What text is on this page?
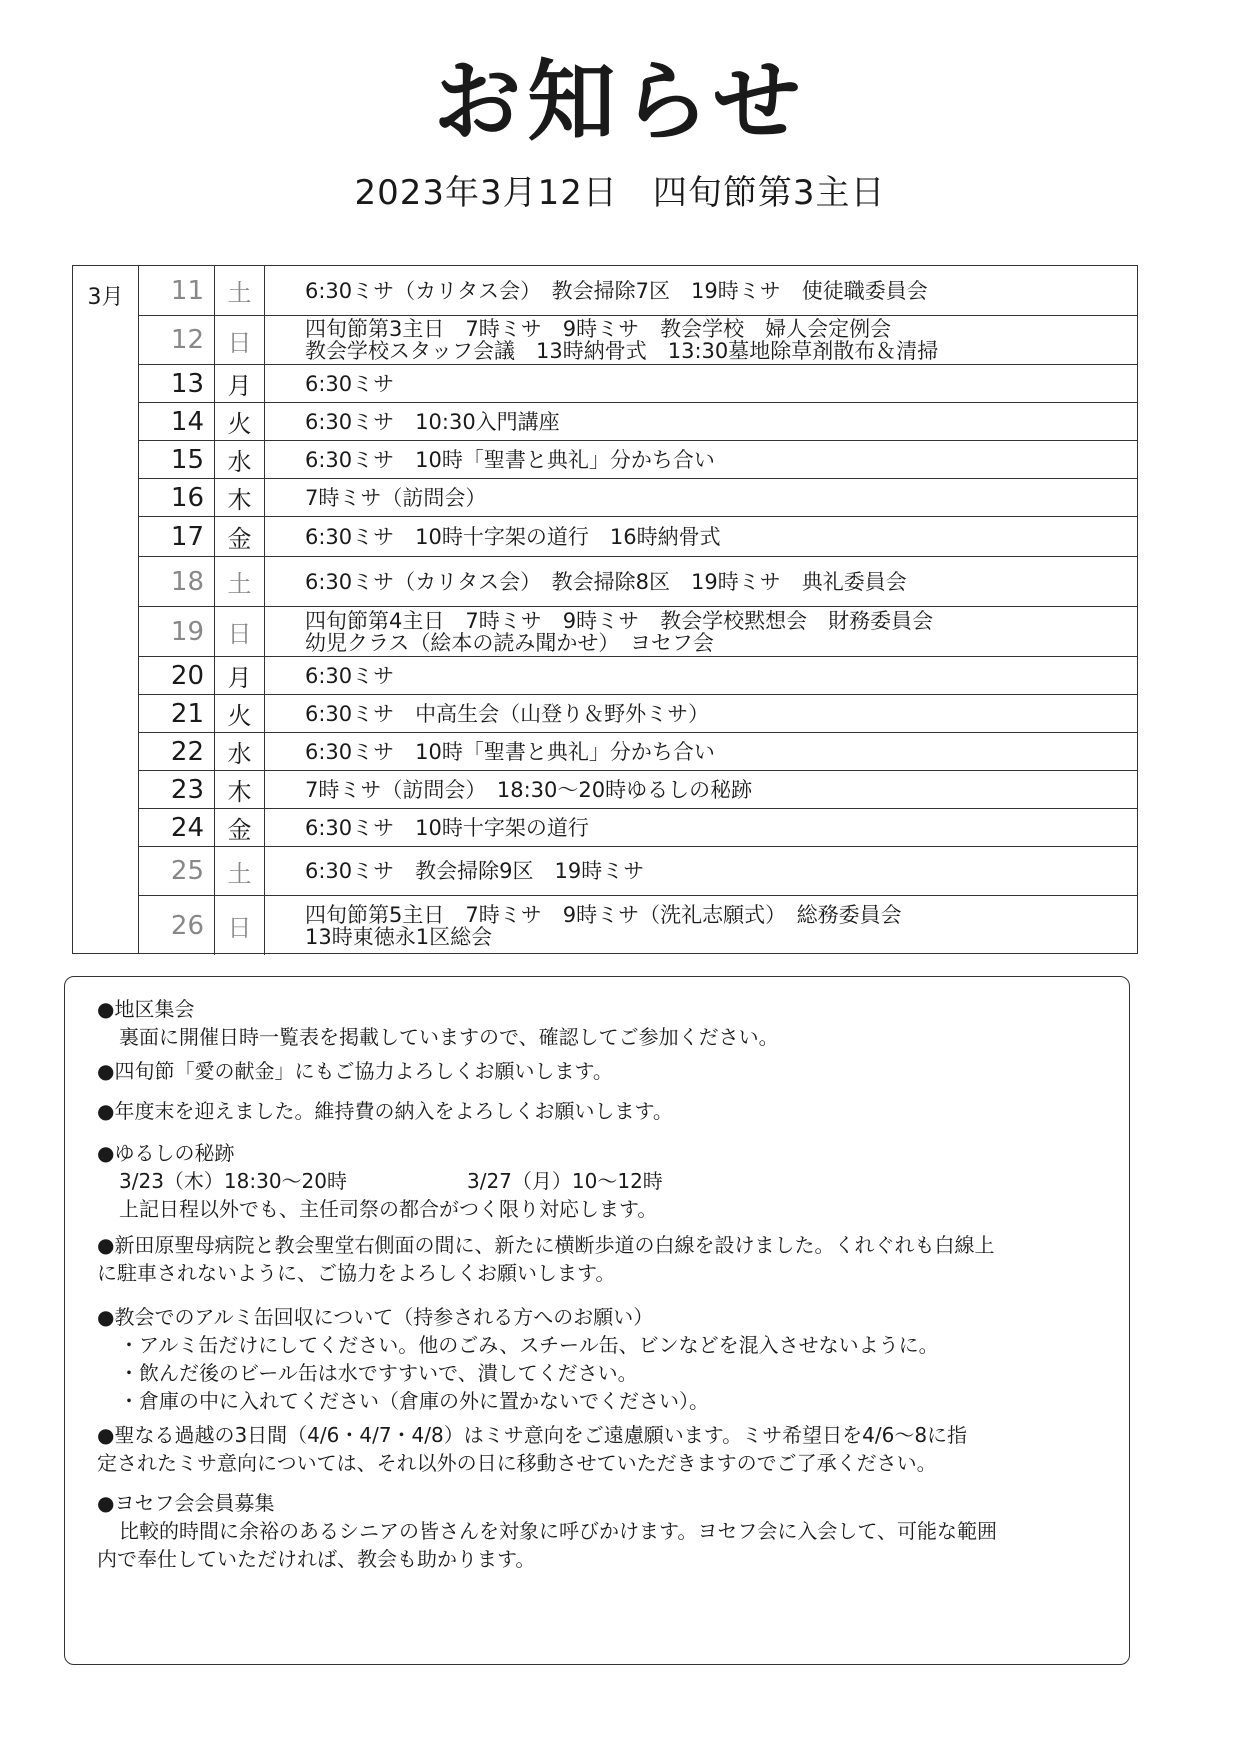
お知らせ
2023年3月12日　四旬節第3主日
3月	11 土	6:30ミサ（カリタス会）　教会掃除7区　19時ミサ　使徒職委員会
12 日	四旬節第3主日　7時ミサ　9時ミサ　教会学校　婦人会定例会
教会学校スタッフ会議　13時納骨式　13:30墓地除草剤散布＆清掃
13 月	6:30ミサ
14 火	6:30ミサ　10:30入門講座
15 水	6:30ミサ　10時「聖書と典礼」分かち合い
16 木	7時ミサ（訪問会）
17 金	6:30ミサ　10時十字架の道行　16時納骨式
18 土	6:30ミサ（カリタス会）　教会掃除8区　19時ミサ　典礼委員会
19 日	四旬節第4主日　7時ミサ　9時ミサ　教会学校黙想会　財務委員会
幼児クラス（絵本の読み聞かせ）　ヨセフ会
20 月	6:30ミサ
21 火	6:30ミサ　中高生会（山登り＆野外ミサ）
22 水	6:30ミサ　10時「聖書と典礼」分かち合い
23 木	7時ミサ（訪問会）　18:30～20時ゆるしの秘跡
24 金	6:30ミサ　10時十字架の道行
25 土	6:30ミサ　教会掃除9区　19時ミサ
26 日	四旬節第5主日　7時ミサ　9時ミサ（洗礼志願式）　総務委員会
13時東徳永1区総会
●地区集会
裏面に開催日時一覧表を掲載していますので、確認してご参加ください。
●四旬節「愛の献金」にもご協力よろしくお願いします。
●年度末を迎えました。維持費の納入をよろしくお願いします。
●ゆるしの秘跡
3/23（木）18:30～20時　　　　　　3/27（月）10～12時
上記日程以外でも、主任司祭の都合がつく限り対応します。
●新田原聖母病院と教会聖堂右側面の間に、新たに横断歩道の白線を設けました。くれぐれも白線上
に駐車されないように、ご協力をよろしくお願いします。
●教会でのアルミ缶回収について（持参される方へのお願い）
・アルミ缶だけにしてください。他のごみ、スチール缶、ビンなどを混入させないように。
・飲んだ後のビール缶は水ですすいで、潰してください。
・倉庫の中に入れてください（倉庫の外に置かないでください）。
●聖なる過越の3日間（4/6・4/7・4/8）はミサ意向をご遠慮願います。ミサ希望日を4/6～8に指
定されたミサ意向については、それ以外の日に移動させていただきますのでご了承ください。
●ヨセフ会会員募集
比較的時間に余裕のあるシニアの皆さんを対象に呼びかけます。ヨセフ会に入会して、可能な範囲
内で奉仕していただければ、教会も助かります。
